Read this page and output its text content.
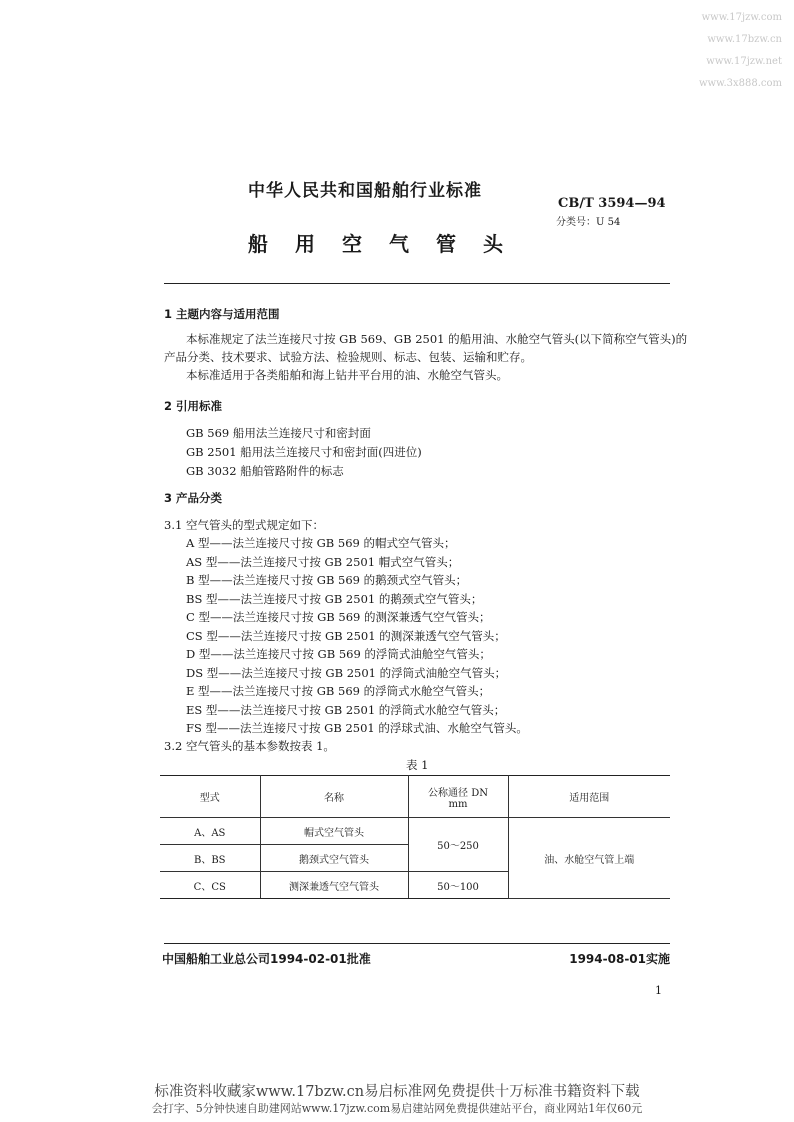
www.17jzw.com
www.17bzw.cn
www.17jzw.net
www.3x888.com
中华人民共和国船舶行业标准
CB/T 3594—94
分类号：U 54
船用空气管头
1 主题内容与适用范围
本标准规定了法兰连接尺寸按 GB 569、GB 2501 的船用油、水舱空气管头(以下简称空气管头)的
产品分类、技术要求、试验方法、检验规则、标志、包装、运输和贮存。
本标准适用于各类船舶和海上钻井平台用的油、水舱空气管头。
2 引用标准
GB 569 船用法兰连接尺寸和密封面
GB 2501 船用法兰连接尺寸和密封面(四进位)
GB 3032 船舶管路附件的标志
3 产品分类
3.1 空气管头的型式规定如下：
A 型——法兰连接尺寸按 GB 569 的帽式空气管头；
AS 型——法兰连接尺寸按 GB 2501 帽式空气管头；
B 型——法兰连接尺寸按 GB 569 的鹅颈式空气管头；
BS 型——法兰连接尺寸按 GB 2501 的鹅颈式空气管头；
C 型——法兰连接尺寸按 GB 569 的测深兼透气空气管头；
CS 型——法兰连接尺寸按 GB 2501 的测深兼透气空气管头；
D 型——法兰连接尺寸按 GB 569 的浮筒式油舱空气管头；
DS 型——法兰连接尺寸按 GB 2501 的浮筒式油舱空气管头；
E 型——法兰连接尺寸按 GB 569 的浮筒式水舱空气管头；
ES 型——法兰连接尺寸按 GB 2501 的浮筒式水舱空气管头；
FS 型——法兰连接尺寸按 GB 2501 的浮球式油、水舱空气管头。
3.2 空气管头的基本参数按表 1。
表 1
型式	名称	公称通径 DN
mm	适用范围
A、AS	帽式空气管头	50～250	油、水舱空气管上端
B、BS	鹅颈式空气管头		
C、CS	测深兼透气空气管头	50～100	
中国船舶工业总公司1994-02-01批准	1994-08-01实施
1
标准资料收藏家www.17bzw.cn易启标准网免费提供十万标准书籍资料下载
会打字、5分钟快速自助建网站www.17jzw.com易启建站网免费提供建站平台，商业网站1年仅60元
